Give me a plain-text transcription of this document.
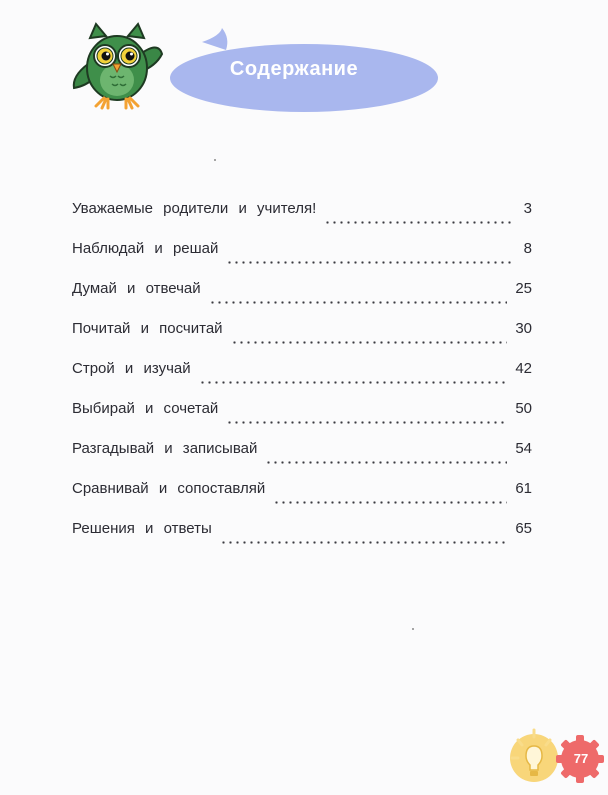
Содержание
Уважаемые родители и учителя!	3
Наблюдай и решай	8
Думай и отвечай	25
Почитай и посчитай	30
Строй и изучай	42
Выбирай и сочетай	50
Разгадывай и записывай	54
Сравнивай и сопоставляй	61
Решения и ответы	65
77
